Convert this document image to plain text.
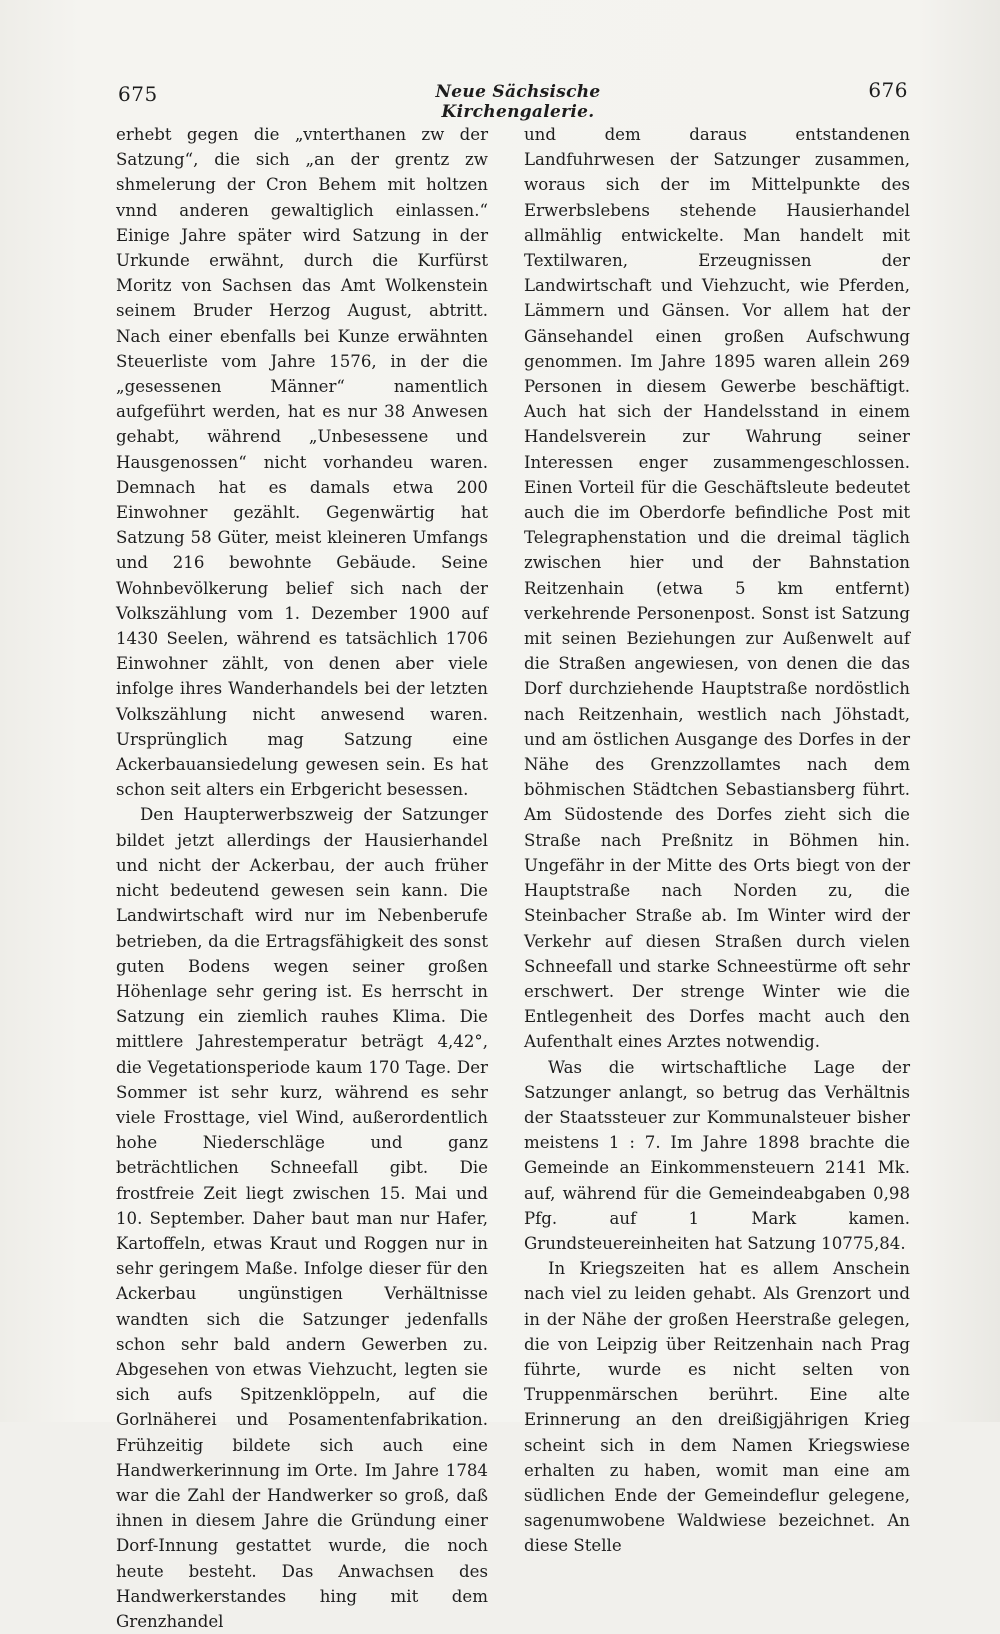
675	Neue Sächsische Kirchengalerie.
676

erhebt gegen die „vnterthanen zw der Satzung“, die sich „an der grentz zw shmelerung der Cron Behem mit holtzen vnnd anderen gewaltiglich einlassen.“ Einige Jahre später wird Satzung in der Urkunde erwähnt, durch die Kurfürst Moritz von Sachsen das Amt Wolkenstein seinem Bruder Herzog August, abtritt. Nach einer ebenfalls bei Kunze erwähnten Steuerliste vom Jahre 1576, in der die „gesessenen Männer“ namentlich aufgeführt werden, hat es nur 38 Anwesen gehabt, während „Unbesessene und Hausgenossen“ nicht vorhandeu waren. Demnach hat es damals etwa 200 Einwohner gezählt. Gegenwärtig hat Satzung 58 Güter, meist kleineren Umfangs und 216 bewohnte Gebäude. Seine Wohnbevölkerung belief sich nach der Volkszählung vom 1. Dezember 1900 auf 1430 Seelen, während es tatsächlich 1706 Einwohner zählt, von denen aber viele infolge ihres Wanderhandels bei der letzten Volkszählung nicht anwesend waren. Ursprünglich mag Satzung eine Ackerbauansiedelung gewesen sein. Es hat schon seit alters ein Erbgericht besessen.

Den Haupterwerbszweig der Satzunger bildet jetzt allerdings der Hausierhandel und nicht der Ackerbau, der auch früher nicht bedeutend gewesen sein kann. Die Landwirtschaft wird nur im Nebenberufe betrieben, da die Ertragsfähigkeit des sonst guten Bodens wegen seiner großen Höhenlage sehr gering ist. Es herrscht in Satzung ein ziemlich rauhes Klima. Die mittlere Jahrestemperatur beträgt 4,42°, die Vegetationsperiode kaum 170 Tage. Der Sommer ist sehr kurz, während es sehr viele Frosttage, viel Wind, außerordentlich hohe Niederschläge und ganz beträchtlichen Schneefall gibt. Die frostfreie Zeit liegt zwischen 15. Mai und 10. September. Daher baut man nur Hafer, Kartoffeln, etwas Kraut und Roggen nur in sehr geringem Maße. Infolge dieser für den Ackerbau ungünstigen Verhältnisse wandten sich die Satzunger jedenfalls schon sehr bald andern Gewerben zu. Abgesehen von etwas Viehzucht, legten sie sich aufs Spitzenklöppeln, auf die Gorlnäherei und Posamentenfabrikation. Frühzeitig bildete sich auch eine Handwerkerinnung im Orte. Im Jahre 1784 war die Zahl der Handwerker so groß, daß ihnen in diesem Jahre die Gründung einer Dorf-Innung gestattet wurde, die noch heute besteht. Das Anwachsen des Handwerkerstandes hing mit dem Grenzhandel

und dem daraus entstandenen Landfuhrwesen der Satzunger zusammen, woraus sich der im Mittelpunkte des Erwerbslebens stehende Hausierhandel allmählig entwickelte. Man handelt mit Textilwaren, Erzeugnissen der Landwirtschaft und Viehzucht, wie Pferden, Lämmern und Gänsen. Vor allem hat der Gänsehandel einen großen Aufschwung genommen. Im Jahre 1895 waren allein 269 Personen in diesem Gewerbe beschäftigt. Auch hat sich der Handelsstand in einem Handelsverein zur Wahrung seiner Interessen enger zusammengeschlossen. Einen Vorteil für die Geschäftsleute bedeutet auch die im Oberdorfe befindliche Post mit Telegraphenstation und die dreimal täglich zwischen hier und der Bahnstation Reitzenhain (etwa 5 km entfernt) verkehrende Personenpost. Sonst ist Satzung mit seinen Beziehungen zur Außenwelt auf die Straßen angewiesen, von denen die das Dorf durchziehende Hauptstraße nordöstlich nach Reitzenhain, westlich nach Jöhstadt, und am östlichen Ausgange des Dorfes in der Nähe des Grenzzollamtes nach dem böhmischen Städtchen Sebastiansberg führt. Am Südostende des Dorfes zieht sich die Straße nach Preßnitz in Böhmen hin. Ungefähr in der Mitte des Orts biegt von der Hauptstraße nach Norden zu, die Steinbacher Straße ab. Im Winter wird der Verkehr auf diesen Straßen durch vielen Schneefall und starke Schneestürme oft sehr erschwert. Der strenge Winter wie die Entlegenheit des Dorfes macht auch den Aufenthalt eines Arztes notwendig.

Was die wirtschaftliche Lage der Satzunger anlangt, so betrug das Verhältnis der Staatssteuer zur Kommunalsteuer bisher meistens 1 : 7. Im Jahre 1898 brachte die Gemeinde an Einkommensteuern 2141 Mk. auf, während für die Gemeindeabgaben 0,98 Pfg. auf 1 Mark kamen. Grundsteuereinheiten hat Satzung 10775,84.

In Kriegszeiten hat es allem Anschein nach viel zu leiden gehabt. Als Grenzort und in der Nähe der großen Heerstraße gelegen, die von Leipzig über Reitzenhain nach Prag führte, wurde es nicht selten von Truppenmärschen berührt. Eine alte Erinnerung an den dreißigjährigen Krieg scheint sich in dem Namen Kriegswiese erhalten zu haben, womit man eine am südlichen Ende der Gemeindeflur gelegene, sagenumwobene Waldwiese bezeichnet. An diese Stelle
